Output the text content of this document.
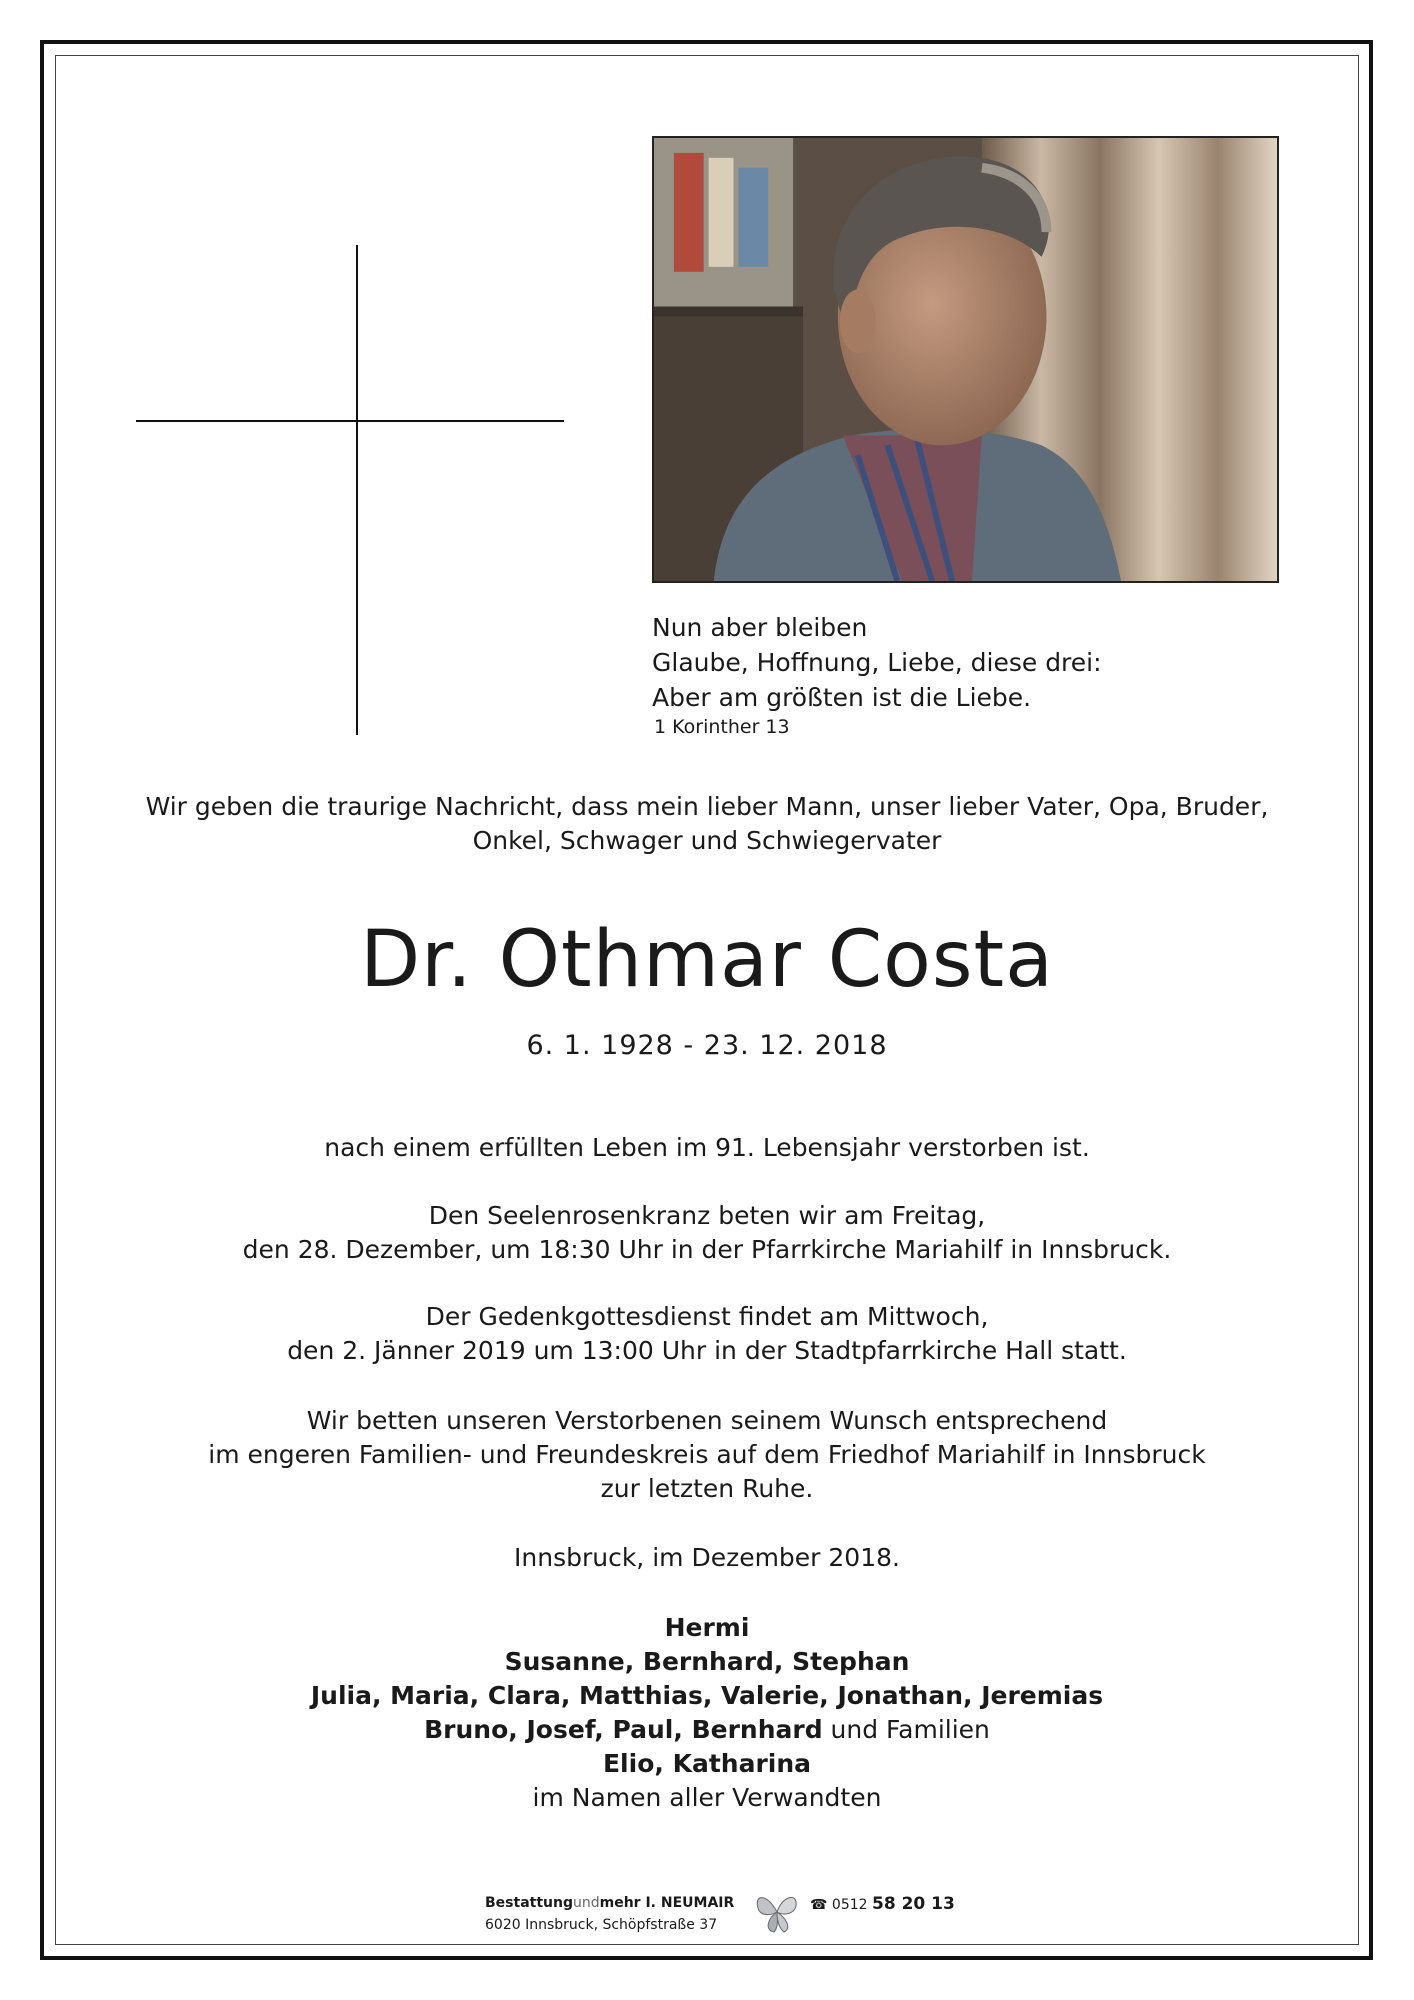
Nun aber bleiben
Glaube, Hoffnung, Liebe, diese drei:
Aber am größten ist die Liebe.
1 Korinther 13
Wir geben die traurige Nachricht, dass mein lieber Mann, unser lieber Vater, Opa, Bruder,
Onkel, Schwager und Schwiegervater
Dr. Othmar Costa
6. 1. 1928 - 23. 12. 2018
nach einem erfüllten Leben im 91. Lebensjahr verstorben ist.
Den Seelenrosenkranz beten wir am Freitag,
den 28. Dezember, um 18:30 Uhr in der Pfarrkirche Mariahilf in Innsbruck.
Der Gedenkgottesdienst findet am Mittwoch,
den 2. Jänner 2019 um 13:00 Uhr in der Stadtpfarrkirche Hall statt.
Wir betten unseren Verstorbenen seinem Wunsch entsprechend
im engeren Familien- und Freundeskreis auf dem Friedhof Mariahilf in Innsbruck
zur letzten Ruhe.
Innsbruck, im Dezember 2018.
Hermi
Susanne, Bernhard, Stephan
Julia, Maria, Clara, Matthias, Valerie, Jonathan, Jeremias
Bruno, Josef, Paul, Bernhard und Familien
Elio, Katharina
im Namen aller Verwandten
Bestattungundmehr I. NEUMAIR
6020 Innsbruck, Schöpfstraße 37
☎ 0512 58 20 13
